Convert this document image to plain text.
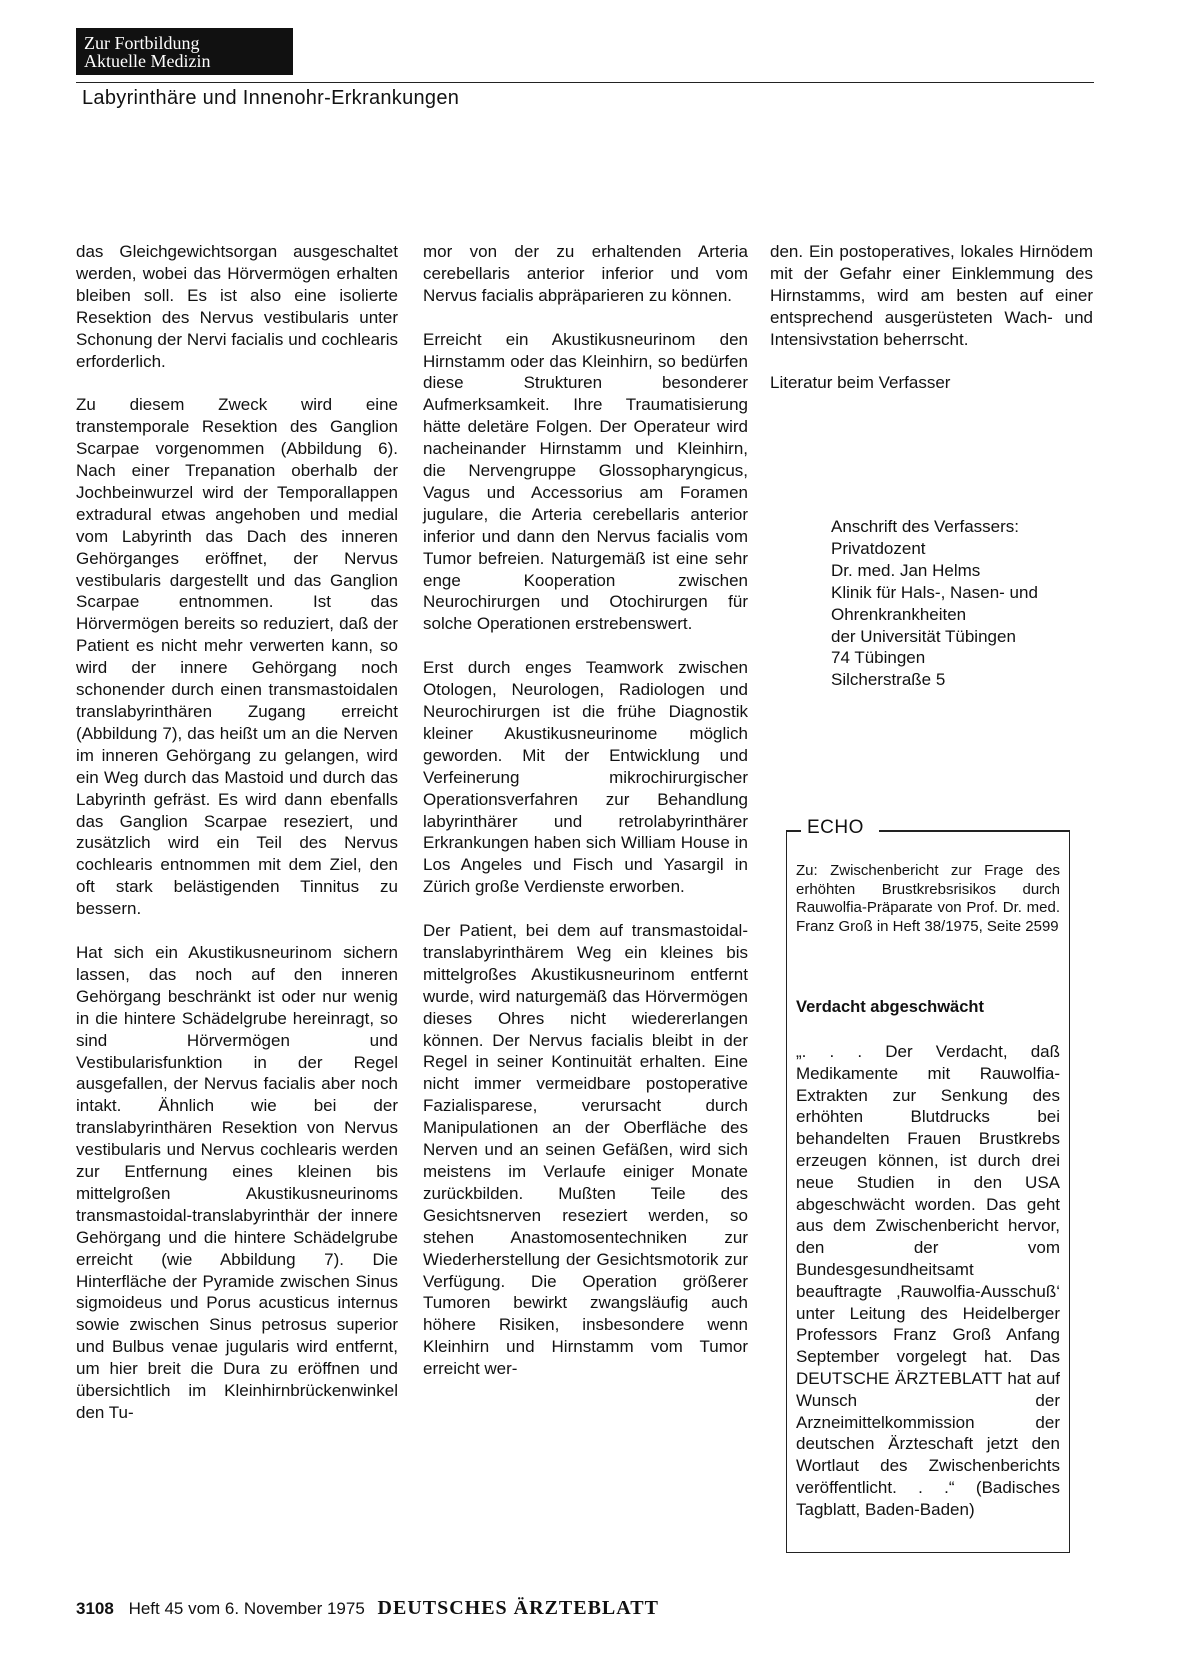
Zur Fortbildung
Aktuelle Medizin
Labyrinthäre und Innenohr-Erkrankungen

das Gleichgewichtsorgan ausgeschaltet werden, wobei das Hörvermögen erhalten bleiben soll. Es ist also eine isolierte Resektion des Nervus vestibularis unter Schonung der Nervi facialis und cochlearis erforderlich.

Zu diesem Zweck wird eine transtemporale Resektion des Ganglion Scarpae vorgenommen (Abbildung 6). Nach einer Trepanation oberhalb der Jochbeinwurzel wird der Temporallappen extradural etwas angehoben und medial vom Labyrinth das Dach des inneren Gehörganges eröffnet, der Nervus vestibularis dargestellt und das Ganglion Scarpae entnommen. Ist das Hörvermögen bereits so reduziert, daß der Patient es nicht mehr verwerten kann, so wird der innere Gehörgang noch schonender durch einen transmastoidalen translabyrinthären Zugang erreicht (Abbildung 7), das heißt um an die Nerven im inneren Gehörgang zu gelangen, wird ein Weg durch das Mastoid und durch das Labyrinth gefräst. Es wird dann ebenfalls das Ganglion Scarpae reseziert, und zusätzlich wird ein Teil des Nervus cochlearis entnommen mit dem Ziel, den oft stark belästigenden Tinnitus zu bessern.

Hat sich ein Akustikusneurinom sichern lassen, das noch auf den inneren Gehörgang beschränkt ist oder nur wenig in die hintere Schädelgrube hereinragt, so sind Hörvermögen und Vestibularisfunktion in der Regel ausgefallen, der Nervus facialis aber noch intakt. Ähnlich wie bei der translabyrinthären Resektion von Nervus vestibularis und Nervus cochlearis werden zur Entfernung eines kleinen bis mittelgroßen Akustikusneurinoms transmastoidal-translabyrinthär der innere Gehörgang und die hintere Schädelgrube erreicht (wie Abbildung 7). Die Hinterfläche der Pyramide zwischen Sinus sigmoideus und Porus acusticus internus sowie zwischen Sinus petrosus superior und Bulbus venae jugularis wird entfernt, um hier breit die Dura zu eröffnen und übersichtlich im Kleinhirnbrückenwinkel den Tu-

mor von der zu erhaltenden Arteria cerebellaris anterior inferior und vom Nervus facialis abpräparieren zu können.

Erreicht ein Akustikusneurinom den Hirnstamm oder das Kleinhirn, so bedürfen diese Strukturen besonderer Aufmerksamkeit. Ihre Traumatisierung hätte deletäre Folgen. Der Operateur wird nacheinander Hirnstamm und Kleinhirn, die Nervengruppe Glossopharyngicus, Vagus und Accessorius am Foramen jugulare, die Arteria cerebellaris anterior inferior und dann den Nervus facialis vom Tumor befreien. Naturgemäß ist eine sehr enge Kooperation zwischen Neurochirurgen und Otochirurgen für solche Operationen erstrebenswert.

Erst durch enges Teamwork zwischen Otologen, Neurologen, Radiologen und Neurochirurgen ist die frühe Diagnostik kleiner Akustikusneurinome möglich geworden. Mit der Entwicklung und Verfeinerung mikrochirurgischer Operationsverfahren zur Behandlung labyrinthärer und retrolabyrinthärer Erkrankungen haben sich William House in Los Angeles und Fisch und Yasargil in Zürich große Verdienste erworben.

Der Patient, bei dem auf transmastoidal-translabyrinthärem Weg ein kleines bis mittelgroßes Akustikusneurinom entfernt wurde, wird naturgemäß das Hörvermögen dieses Ohres nicht wiedererlangen können. Der Nervus facialis bleibt in der Regel in seiner Kontinuität erhalten. Eine nicht immer vermeidbare postoperative Fazialisparese, verursacht durch Manipulationen an der Oberfläche des Nerven und an seinen Gefäßen, wird sich meistens im Verlaufe einiger Monate zurückbilden. Mußten Teile des Gesichtsnerven reseziert werden, so stehen Anastomosentechniken zur Wiederherstellung der Gesichtsmotorik zur Verfügung. Die Operation größerer Tumoren bewirkt zwangsläufig auch höhere Risiken, insbesondere wenn Kleinhirn und Hirnstamm vom Tumor erreicht wer-

den. Ein postoperatives, lokales Hirnödem mit der Gefahr einer Einklemmung des Hirnstamms, wird am besten auf einer entsprechend ausgerüsteten Wach- und Intensivstation beherrscht.

Literatur beim Verfasser

Anschrift des Verfassers:
Privatdozent
Dr. med. Jan Helms
Klinik für Hals-, Nasen- und
Ohrenkrankheiten
der Universität Tübingen
74 Tübingen
Silcherstraße 5
ECHO
Zu: Zwischenbericht zur Frage des erhöhten Brustkrebsrisikos durch Rauwolfia-Präparate von Prof. Dr. med. Franz Groß in Heft 38/1975, Seite 2599
Verdacht abgeschwächt
„. . . Der Verdacht, daß Medikamente mit Rauwolfia-Extrakten zur Senkung des erhöhten Blutdrucks bei behandelten Frauen Brustkrebs erzeugen können, ist durch drei neue Studien in den USA abgeschwächt worden. Das geht aus dem Zwischenbericht hervor, den der vom Bundesgesundheitsamt beauftragte ‚Rauwolfia-Ausschuß‘ unter Leitung des Heidelberger Professors Franz Groß Anfang September vorgelegt hat. Das DEUTSCHE ÄRZTEBLATT hat auf Wunsch der Arzneimittelkommission der deutschen Ärzteschaft jetzt den Wortlaut des Zwischenberichts veröffentlicht. . .“ (Badisches Tagblatt, Baden-Baden)
3108 Heft 45 vom 6. November 1975 DEUTSCHES ÄRZTEBLATT
